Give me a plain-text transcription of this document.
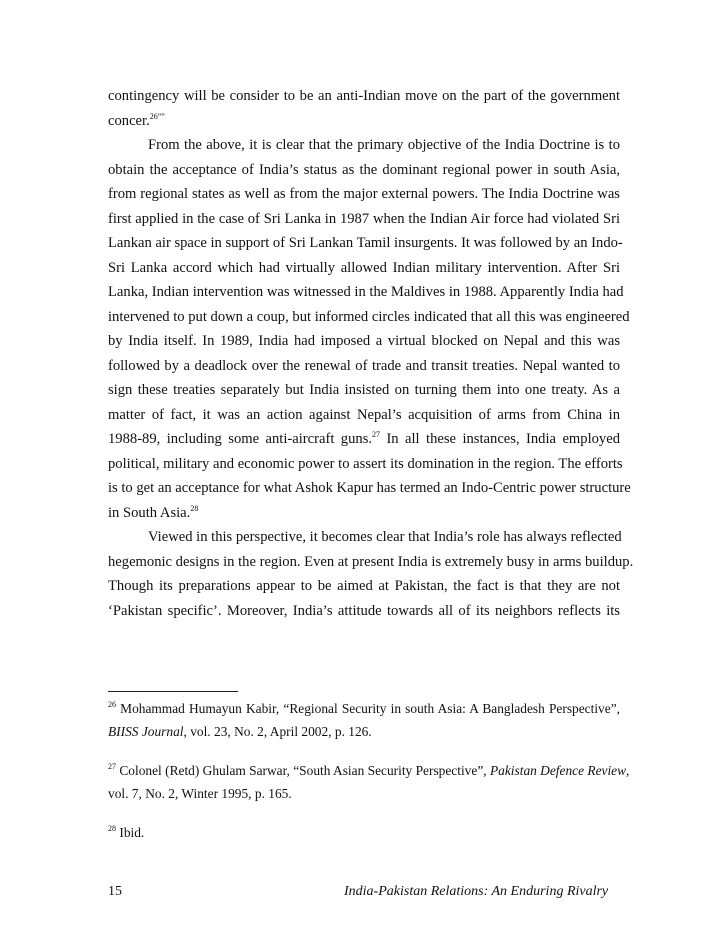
contingency will be consider to be an anti-Indian move on the part of the government
concer.$^{26””}$
From the above, it is clear that the primary objective of the India Doctrine is to
obtain the acceptance of India’s status as the dominant regional power in south Asia,
from regional states as well as from the major external powers. The India Doctrine was
first applied in the case of Sri Lanka in 1987 when the Indian Air force had violated Sri
Lankan air space in support of Sri Lankan Tamil insurgents. It was followed by an Indo-
Sri Lanka accord which had virtually allowed Indian military intervention. After Sri
Lanka, Indian intervention was witnessed in the Maldives in 1988. Apparently India had
intervened to put down a coup, but informed circles indicated that all this was engineered
by India itself. In 1989, India had imposed a virtual blocked on Nepal and this was
followed by a deadlock over the renewal of trade and transit treaties. Nepal wanted to
sign these treaties separately but India insisted on turning them into one treaty. As a
matter of fact, it was an action against Nepal’s acquisition of arms from China in
1988-89, including some anti-aircraft guns.$^{27}$ In all these instances, India employed
political, military and economic power to assert its domination in the region. The efforts
is to get an acceptance for what Ashok Kapur has termed an Indo-Centric power structure
in South Asia.$^{28}$
Viewed in this perspective, it becomes clear that India’s role has always reflected
hegemonic designs in the region. Even at present India is extremely busy in arms buildup.
Though its preparations appear to be aimed at Pakistan, the fact is that they are not
‘Pakistan specific’. Moreover, India’s attitude towards all of its neighbors reflects its
$^{26}$ Mohammad Humayun Kabir, “Regional Security in south Asia: A Bangladesh Perspective”,
BIISS Journal, vol. 23, No. 2, April 2002, p. 126.
$^{27}$ Colonel (Retd) Ghulam Sarwar, “South Asian Security Perspective”, Pakistan Defence Review,
vol. 7, No. 2, Winter 1995, p. 165.
$^{28}$ Ibid.
15	India-Pakistan Relations: An Enduring Rivalry
